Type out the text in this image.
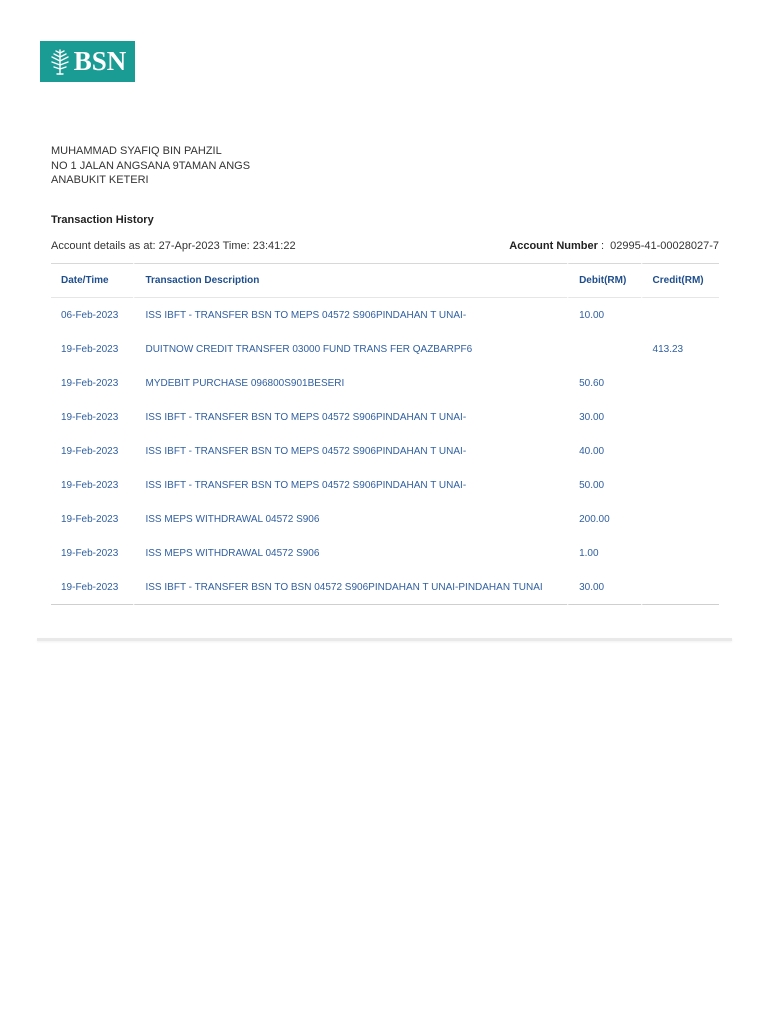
BSN
MUHAMMAD SYAFIQ BIN PAHZIL
NO 1 JALAN ANGSANA 9TAMAN ANGS
ANABUKIT KETERI
Transaction History
Account details as at: 27-Apr-2023 Time: 23:41:22	Account Number :  02995-41-00028027-7
Date/Time	Transaction Description	Debit(RM)	Credit(RM)
06-Feb-2023	ISS IBFT - TRANSFER BSN TO MEPS 04572 S906PINDAHAN T UNAI-	10.00	
19-Feb-2023	DUITNOW CREDIT TRANSFER 03000 FUND TRANS FER QAZBARPF6		413.23
19-Feb-2023	MYDEBIT PURCHASE 096800S901BESERI	50.60	
19-Feb-2023	ISS IBFT - TRANSFER BSN TO MEPS 04572 S906PINDAHAN T UNAI-	30.00	
19-Feb-2023	ISS IBFT - TRANSFER BSN TO MEPS 04572 S906PINDAHAN T UNAI-	40.00	
19-Feb-2023	ISS IBFT - TRANSFER BSN TO MEPS 04572 S906PINDAHAN T UNAI-	50.00	
19-Feb-2023	ISS MEPS WITHDRAWAL 04572 S906	200.00	
19-Feb-2023	ISS MEPS WITHDRAWAL 04572 S906	1.00	
19-Feb-2023	ISS IBFT - TRANSFER BSN TO BSN 04572 S906PINDAHAN T UNAI-PINDAHAN TUNAI	30.00	
